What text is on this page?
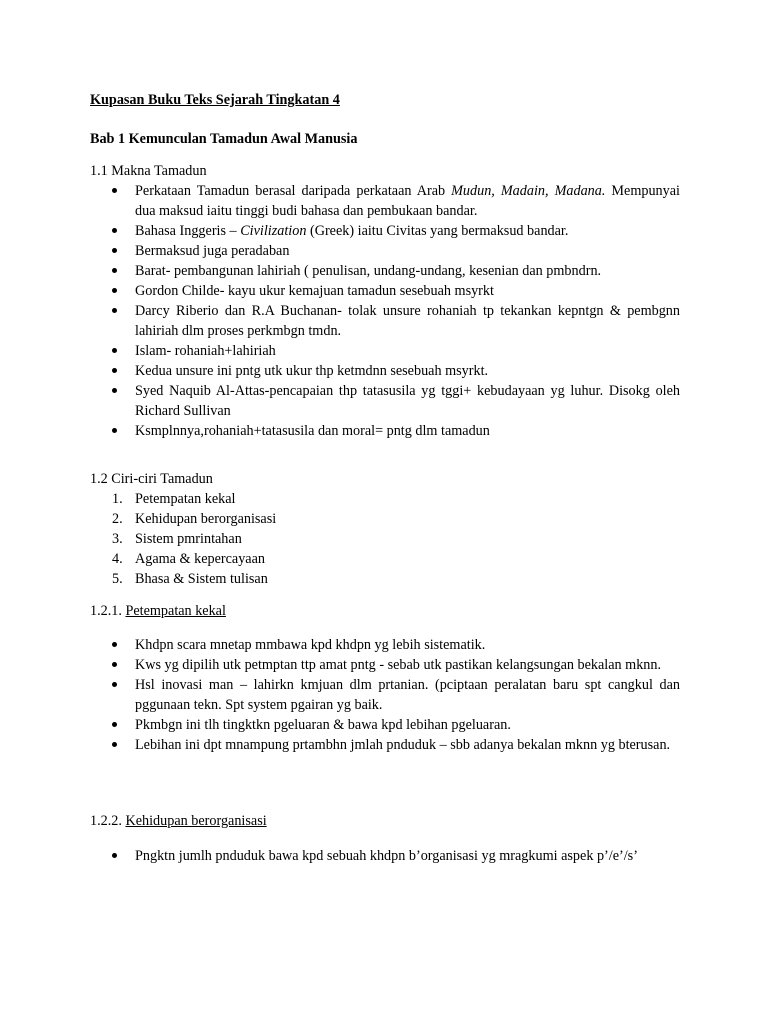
Kupasan Buku Teks Sejarah Tingkatan 4
Bab 1 Kemunculan Tamadun Awal Manusia
1.1 Makna Tamadun
Perkataan Tamadun berasal daripada perkataan Arab Mudun, Madain, Madana. Mempunyai dua maksud iaitu tinggi budi bahasa dan pembukaan bandar.
Bahasa Inggeris – Civilization (Greek) iaitu Civitas yang bermaksud bandar.
Bermaksud juga peradaban
Barat- pembangunan lahiriah ( penulisan, undang-undang, kesenian dan pmbndrn.
Gordon Childe- kayu ukur kemajuan tamadun sesebuah msyrkt
Darcy Riberio dan R.A Buchanan- tolak unsure rohaniah tp tekankan kepntgn & pembgnn lahiriah dlm proses perkmbgn tmdn.
Islam- rohaniah+lahiriah
Kedua unsure ini pntg utk ukur thp ketmdnn sesebuah msyrkt.
Syed Naquib Al-Attas-pencapaian thp tatasusila yg tggi+ kebudayaan yg luhur. Disokg oleh Richard Sullivan
Ksmplnnya,rohaniah+tatasusila dan moral= pntg dlm tamadun
1.2 Ciri-ciri Tamadun
1. Petempatan kekal
2. Kehidupan berorganisasi
3. Sistem pmrintahan
4. Agama & kepercayaan
5. Bhasa & Sistem tulisan
1.2.1. Petempatan kekal
Khdpn scara mnetap mmbawa kpd khdpn yg lebih sistematik.
Kws yg dipilih utk petmptan ttp amat pntg - sebab utk pastikan kelangsungan bekalan mknn.
Hsl inovasi man – lahirkn kmjuan dlm prtanian. (pciptaan peralatan baru spt cangkul dan pggunaan tekn. Spt system pgairan yg baik.
Pkmbgn ini tlh tingktkn pgeluaran & bawa kpd lebihan pgeluaran.
Lebihan ini dpt mnampung prtambhn jmlah pnduduk – sbb adanya bekalan mknn yg bterusan.
1.2.2. Kehidupan berorganisasi
Pngktn jumlh pnduduk bawa kpd sebuah khdpn b’organisasi yg mragkumi aspek p’/e’/s’
